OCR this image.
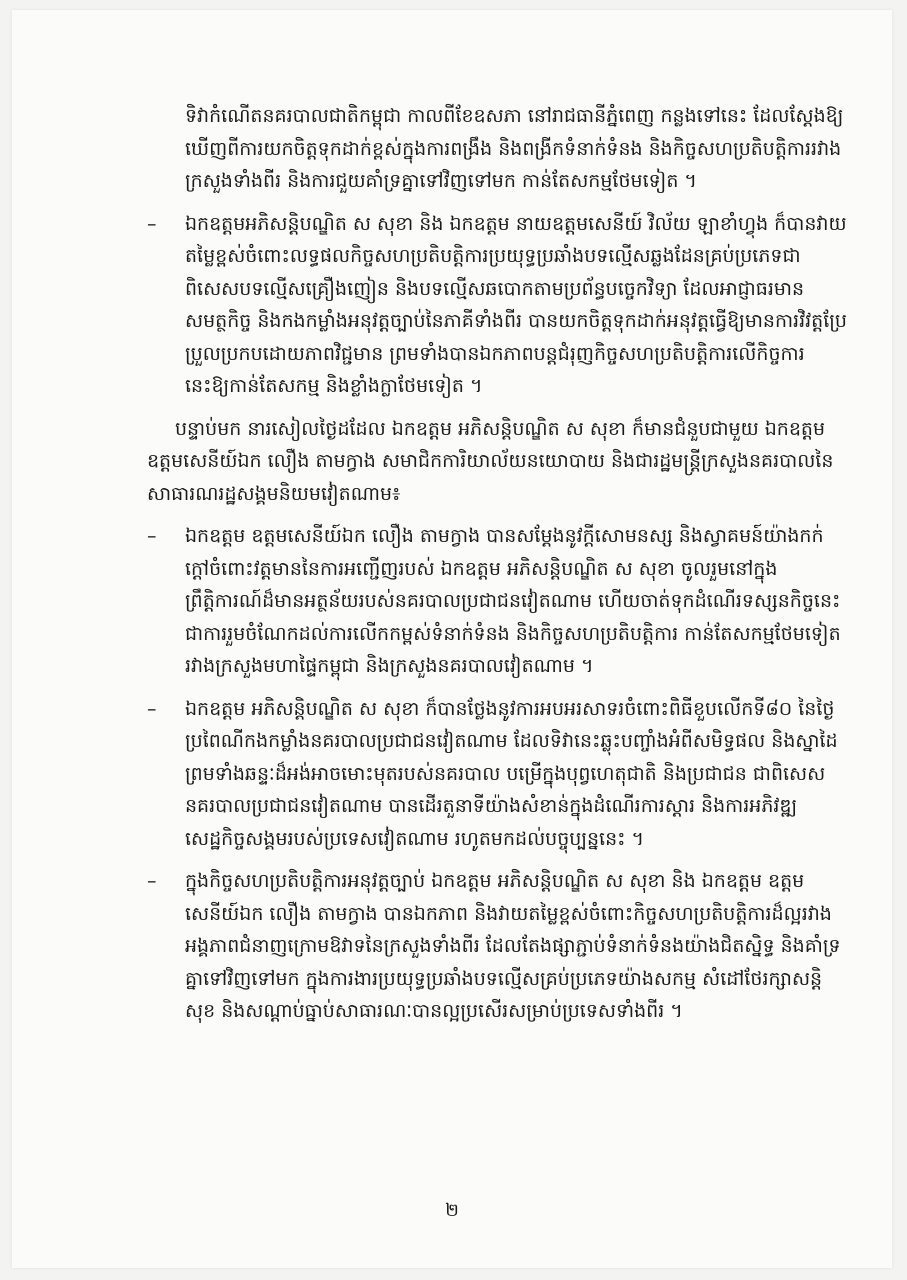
ទិវាកំណើតនគរបាលជាតិកម្ពុជា កាលពីខែឧសភា នៅរាជធានីភ្នំពេញ កន្លងទៅនេះ ដែលស្តែងឱ្យឃើញពីការយកចិត្តទុកដាក់ខ្ពស់ក្នុងការពង្រឹង និងពង្រីកទំនាក់ទំនង និងកិច្ចសហប្រតិបត្តិការរវាងក្រសួងទាំងពីរ និងការជួយគាំទ្រគ្នាទៅវិញទៅមក កាន់តែសកម្មថែមទៀត ។

–	ឯកឧត្តមអភិសន្តិបណ្ឌិត ស សុខា និង ឯកឧត្តម នាយឧត្តមសេនីយ៍ វិល័យ ឡាខាំហ្វុង ក៏បានវាយតម្លៃខ្ពស់ចំពោះលទ្ធផលកិច្ចសហប្រតិបត្តិការប្រយុទ្ធប្រឆាំងបទល្មើសឆ្លងដែនគ្រប់ប្រភេទជាពិសេសបទល្មើសគ្រឿងញៀន និងបទល្មើសឆបោកតាមប្រព័ន្ធបច្ចេកវិទ្យា ដែលអាជ្ញាធរមានសមត្ថកិច្ច និងកងកម្លាំងអនុវត្តច្បាប់នៃភាគីទាំងពីរ បានយកចិត្តទុកដាក់អនុវត្តធ្វើឱ្យមានការវិវត្តប្រែប្រួលប្រកបដោយភាពវិជ្ជមាន ព្រមទាំងបានឯកភាពបន្តជំរុញកិច្ចសហប្រតិបត្តិការលើកិច្ចការនេះឱ្យកាន់តែសកម្ម និងខ្លាំងក្លាថែមទៀត ។

បន្ទាប់មក នារសៀលថ្ងៃដដែល ឯកឧត្តម អភិសន្តិបណ្ឌិត ស សុខា ក៏មានជំនួបជាមួយ ឯកឧត្តម ឧត្តមសេនីយ៍ឯក លឿង តាមក្វាង សមាជិកការិយាល័យនយោបាយ និងជារដ្ឋមន្ត្រីក្រសួងនគរបាលនៃសាធារណរដ្ឋសង្គមនិយមវៀតណាម៖

–	ឯកឧត្តម ឧត្តមសេនីយ៍ឯក លឿង តាមក្វាង បានសម្តែងនូវក្តីសោមនស្ស និងស្វាគមន៍យ៉ាងកក់ក្តៅចំពោះវត្តមាននៃការអញ្ជើញរបស់ ឯកឧត្តម អភិសន្តិបណ្ឌិត ស សុខា ចូលរួមនៅក្នុងព្រឹត្តិការណ៍ដ៏មានអត្ថន័យរបស់នគរបាលប្រជាជនវៀតណាម ហើយចាត់ទុកដំណើរទស្សនកិច្ចនេះជាការរួមចំណែកដល់ការលើកកម្ពស់ទំនាក់ទំនង និងកិច្ចសហប្រតិបត្តិការ កាន់តែសកម្មថែមទៀតរវាងក្រសួងមហាផ្ទៃកម្ពុជា និងក្រសួងនគរបាលវៀតណាម ។
–	ឯកឧត្តម អភិសន្តិបណ្ឌិត ស សុខា ក៏បានថ្លែងនូវការអបអរសាទរចំពោះពិធីខួបលើកទី៨០ នៃថ្ងៃប្រពៃណីកងកម្លាំងនគរបាលប្រជាជនវៀតណាម ដែលទិវានេះឆ្លុះបញ្ចាំងអំពីសមិទ្ធផល និងស្នាដៃ ព្រមទាំងឆន្ទៈដ៏អង់អាចមោះមុតរបស់នគរបាល បម្រើក្នុងបុព្វហេតុជាតិ និងប្រជាជន ជាពិសេសនគរបាលប្រជាជនវៀតណាម បានដើរតួនាទីយ៉ាងសំខាន់ក្នុងដំណើរការស្តារ និងការអភិវឌ្ឍសេដ្ឋកិច្ចសង្គមរបស់ប្រទេសវៀតណាម រហូតមកដល់បច្ចុប្បន្ននេះ ។
–	ក្នុងកិច្ចសហប្រតិបត្តិការអនុវត្តច្បាប់ ឯកឧត្តម អភិសន្តិបណ្ឌិត ស សុខា និង ឯកឧត្តម ឧត្តមសេនីយ៍ឯក លឿង តាមក្វាង បានឯកភាព និងវាយតម្លៃខ្ពស់ចំពោះកិច្ចសហប្រតិបត្តិការដ៏ល្អរវាងអង្គភាពជំនាញក្រោមឱវាទនៃក្រសួងទាំងពីរ ដែលតែងផ្សាភ្ជាប់ទំនាក់ទំនងយ៉ាងជិតស្និទ្ធ និងគាំទ្រគ្នាទៅវិញទៅមក ក្នុងការងារប្រយុទ្ធប្រឆាំងបទល្មើសគ្រប់ប្រភេទយ៉ាងសកម្ម សំដៅថែរក្សាសន្តិសុខ និងសណ្តាប់ធ្នាប់សាធារណៈបានល្អប្រសើរសម្រាប់ប្រទេសទាំងពីរ ។
២
